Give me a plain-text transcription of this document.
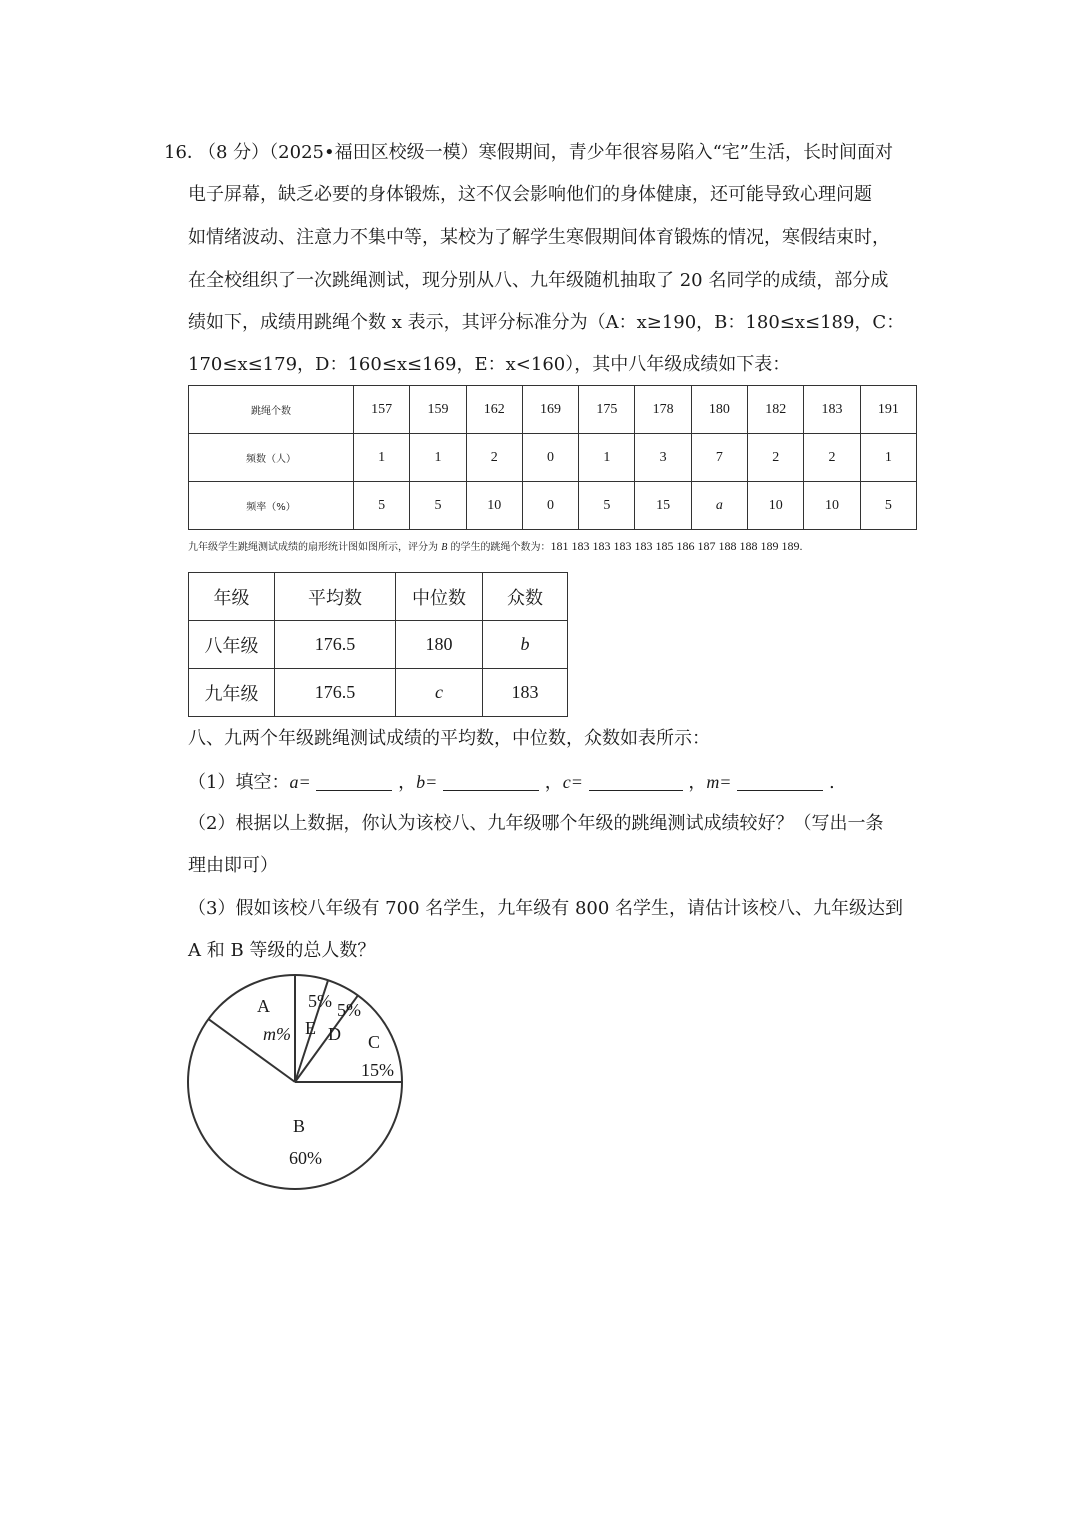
16．
（8 分）（2025•福田区校级一模）寒假期间，青少年很容易陷入“宅”生活，长时间面对
电子屏幕，缺乏必要的身体锻炼，这不仅会影响他们的身体健康，还可能导致心理问题
如情绪波动、注意力不集中等，某校为了解学生寒假期间体育锻炼的情况，寒假结束时，
在全校组织了一次跳绳测试，现分别从八、九年级随机抽取了 20 名同学的成绩，部分成
绩如下，成绩用跳绳个数 x 表示，其评分标准分为（A：x≥190，B：180≤x≤189，C：
170≤x≤179，D：160≤x≤169，E：x<160），其中八年级成绩如下表：
跳绳个数	157	159	162	169	175	178	180	182	183	191
频数（人）	1	1	2	0	1	3	7	2	2	1
频率（%）	5	5	10	0	5	15	a	10	10	5
九年级学生跳绳测试成绩的扇形统计图如图所示，评分为 B 的学生的跳绳个数为：181 183 183 183 183 185 186 187 188 188 189 189.
年级	平均数	中位数	众数
八年级	176.5	180	b
九年级	176.5	c	183
八、九两个年级跳绳测试成绩的平均数，中位数，众数如表所示：
（1）填空：a=	，b=	，c=	，m=	.
（2）根据以上数据，你认为该校八、九年级哪个年级的跳绳测试成绩较好？（写出一条
理由即可）
（3）假如该校八年级有 700 名学生，九年级有 800 名学生，请估计该校八、九年级达到
A 和 B 等级的总人数？
A
m% E
5%
D
5%
C
15%
B
60%
